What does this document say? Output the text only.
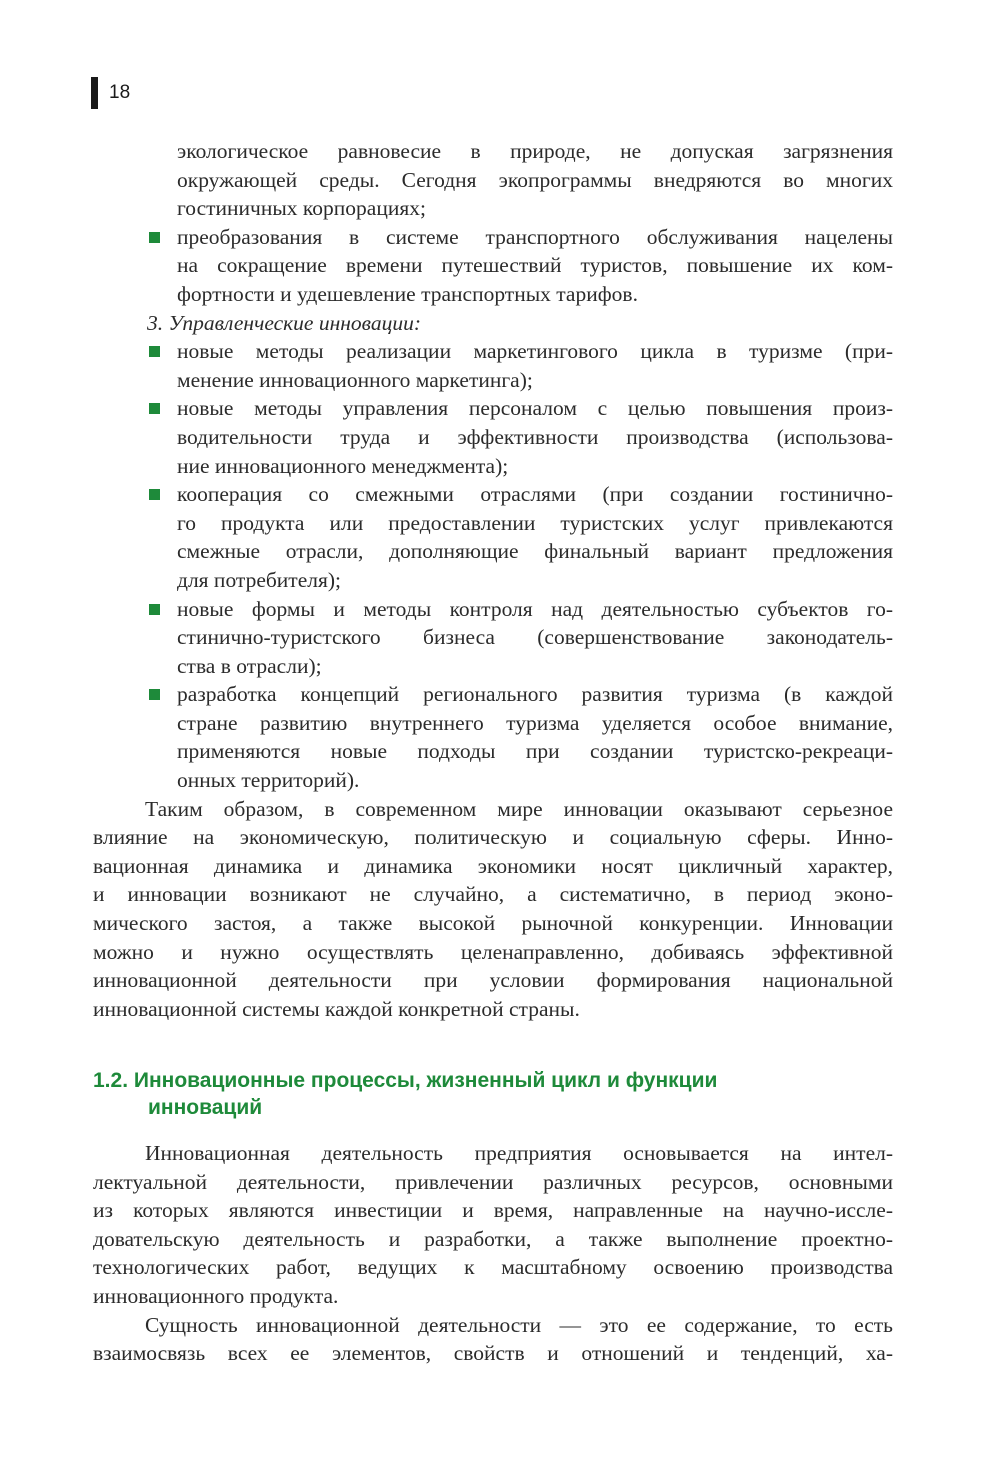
18
экологическое равновесие в природе, не допуская загрязнения
окружающей среды. Сегодня экопрограммы внедряются во многих
гостиничных корпорациях;
преобразования в системе транспортного обслуживания нацелены
на сокращение времени путешествий туристов, повышение их ком-
фортности и удешевление транспортных тарифов.
3. Управленческие инновации:
новые методы реализации маркетингового цикла в туризме (при-
менение инновационного маркетинга);
новые методы управления персоналом с целью повышения произ-
водительности труда и эффективности производства (использова-
ние инновационного менеджмента);
кооперация со смежными отраслями (при создании гостинично-
го продукта или предоставлении туристских услуг привлекаются
смежные отрасли, дополняющие финальный вариант предложения
для потребителя);
новые формы и методы контроля над деятельностью субъектов го-
стинично-туристского бизнеса (совершенствование законодатель-
ства в отрасли);
разработка концепций регионального развития туризма (в каждой
стране развитию внутреннего туризма уделяется особое внимание,
применяются новые подходы при создании туристско-рекреаци-
онных территорий).
Таким образом, в современном мире инновации оказывают серьезное
влияние на экономическую, политическую и социальную сферы. Инно-
вационная динамика и динамика экономики носят цикличный характер,
и инновации возникают не случайно, а систематично, в период эконо-
мического застоя, а также высокой рыночной конкуренции. Инновации
можно и нужно осуществлять целенаправленно, добиваясь эффективной
инновационной деятельности при условии формирования национальной
инновационной системы каждой конкретной страны.
1.2. Инновационные процессы, жизненный цикл и функции
инноваций
Инновационная деятельность предприятия основывается на интел-
лектуальной деятельности, привлечении различных ресурсов, основными
из которых являются инвестиции и время, направленные на научно-иссле-
довательскую деятельность и разработки, а также выполнение проектно-
технологических работ, ведущих к масштабному освоению производства
инновационного продукта.
Сущность инновационной деятельности — это ее содержание, то есть
взаимосвязь всех ее элементов, свойств и отношений и тенденций, ха-
